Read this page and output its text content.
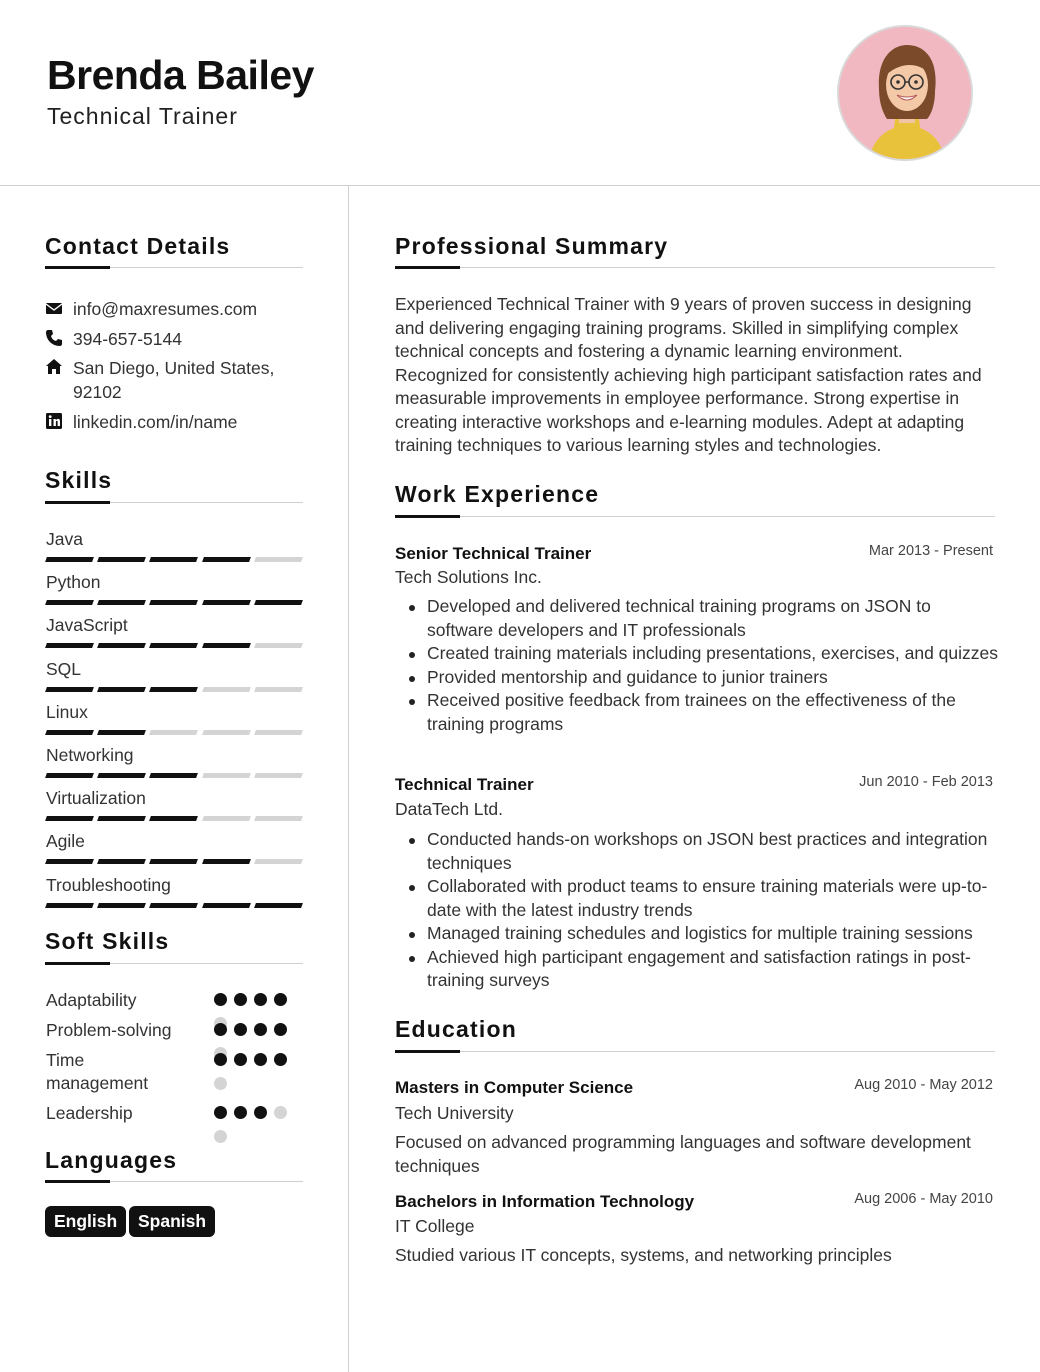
Brenda Bailey
Technical Trainer
Contact Details
info@maxresumes.com
394-657-5144
San Diego, United States,
92102
linkedin.com/in/name
Skills
Java
Python
JavaScript
SQL
Linux
Networking
Virtualization
Agile
Troubleshooting
Soft Skills
Adaptability
Problem-solving
Time management
Leadership
Languages
English	Spanish
Professional Summary
Experienced Technical Trainer with 9 years of proven success in designing and delivering engaging training programs. Skilled in simplifying complex technical concepts and fostering a dynamic learning environment. Recognized for consistently achieving high participant satisfaction rates and measurable improvements in employee performance. Strong expertise in creating interactive workshops and e-learning modules. Adept at adapting training techniques to various learning styles and technologies.
Work Experience
Senior Technical Trainer	Mar 2013 - Present
Tech Solutions Inc.
Developed and delivered technical training programs on JSON to software developers and IT professionals
Created training materials including presentations, exercises, and quizzes
Provided mentorship and guidance to junior trainers
Received positive feedback from trainees on the effectiveness of the training programs
Technical Trainer	Jun 2010 - Feb 2013
DataTech Ltd.
Conducted hands-on workshops on JSON best practices and integration techniques
Collaborated with product teams to ensure training materials were up-to-date with the latest industry trends
Managed training schedules and logistics for multiple training sessions
Achieved high participant engagement and satisfaction ratings in post-training surveys
Education
Masters in Computer Science	Aug 2010 - May 2012
Tech University
Focused on advanced programming languages and software development techniques
Bachelors in Information Technology	Aug 2006 - May 2010
IT College
Studied various IT concepts, systems, and networking principles
